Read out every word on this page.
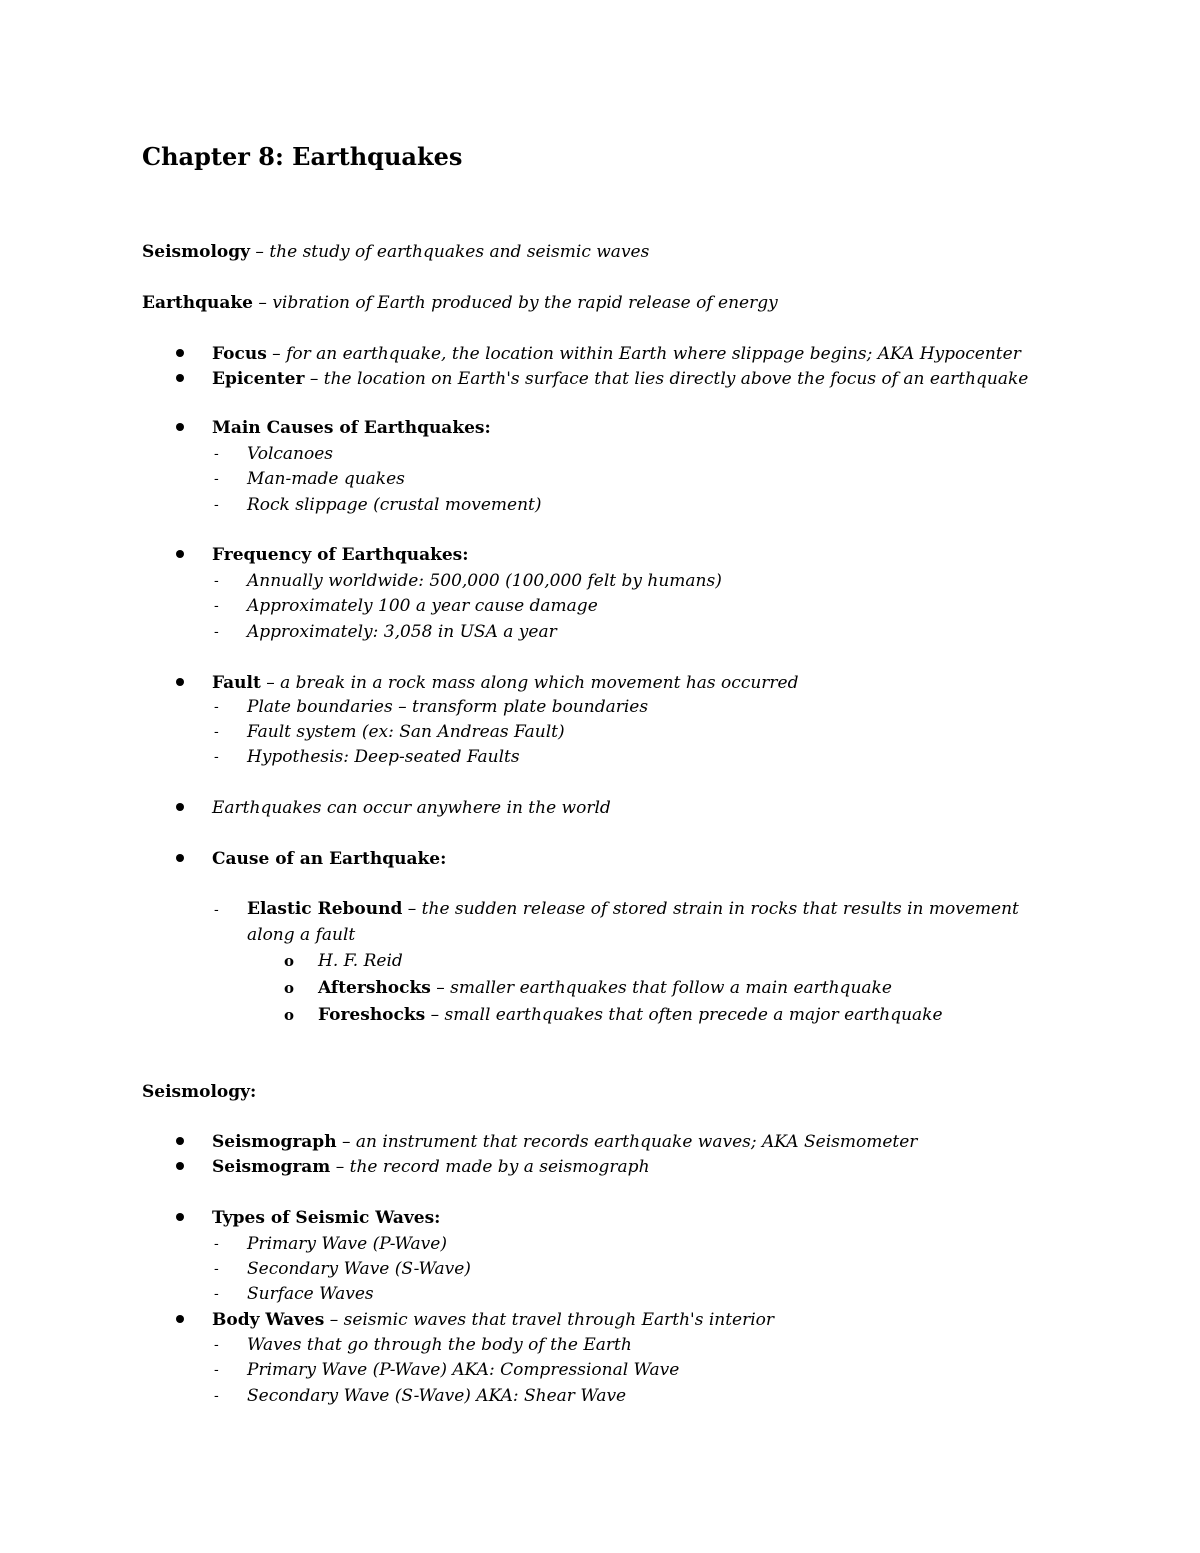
Chapter 8: Earthquakes
Seismology – the study of earthquakes and seismic waves
Earthquake – vibration of Earth produced by the rapid release of energy
Focus – for an earthquake, the location within Earth where slippage begins; AKA Hypocenter
Epicenter – the location on Earth's surface that lies directly above the focus of an earthquake
Main Causes of Earthquakes:
- Volcanoes
- Man-made quakes
- Rock slippage (crustal movement)
Frequency of Earthquakes:
- Annually worldwide: 500,000 (100,000 felt by humans)
- Approximately 100 a year cause damage
- Approximately: 3,058 in USA a year
Fault – a break in a rock mass along which movement has occurred
- Plate boundaries – transform plate boundaries
- Fault system (ex: San Andreas Fault)
- Hypothesis: Deep-seated Faults
Earthquakes can occur anywhere in the world
Cause of an Earthquake:
- Elastic Rebound – the sudden release of stored strain in rocks that results in movement along a fault
o H. F. Reid
o Aftershocks – smaller earthquakes that follow a main earthquake
o Foreshocks – small earthquakes that often precede a major earthquake
Seismology:
Seismograph – an instrument that records earthquake waves; AKA Seismometer
Seismogram – the record made by a seismograph
Types of Seismic Waves:
- Primary Wave (P-Wave)
- Secondary Wave (S-Wave)
- Surface Waves
Body Waves – seismic waves that travel through Earth's interior
- Waves that go through the body of the Earth
- Primary Wave (P-Wave) AKA: Compressional Wave
- Secondary Wave (S-Wave) AKA: Shear Wave
